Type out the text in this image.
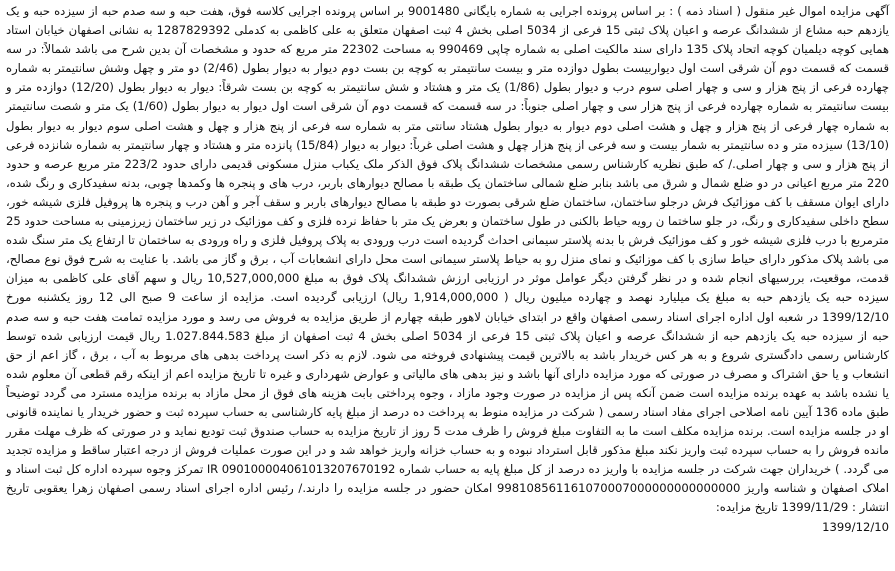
آگهی مزایده اموال غیر منقول ( اسناد ذمه ) : بر اساس پرونده اجرایی به شماره بایگانی 9001480 بر اساس پرونده اجرایی کلاسه فوق، هفت حبه و سه صدم حبه از سیزده حبه و یک یازدهم حبه مشاع از ششدانگ عرصه و اعیان پلاک ثبتی 15 فرعی از 5034 اصلی بخش 4 ثبت اصفهان متعلق به علی کاظمی به کدملی 1287829392 به نشانی اصفهان خیابان استاد همایی کوچه دیلمیان کوچه اتحاد پلاک 135 دارای سند مالکیت اصلی به شماره چاپی 990469 به مساحت 22302 متر مربع که حدود و مشخصات آن بدین شرح می باشد شمالاً: در سه قسمت که قسمت دوم آن شرقی است اول دیواربیست بطول دوازده متر و بیست سانتیمتر به کوچه بن بست دوم دیوار به دیوار بطول (2/46) دو متر و چهل وشش سانتیمتر به شماره چهارده فرعی از پنج هزار و سی و چهار اصلی سوم درب و دیوار بطول (1/86) یک متر و هشتاد و شش سانتیمتر به کوچه بن بست شرقاً: دیوار به دیوار بطول (12/20) دوازده متر و بیست سانتیمتر به شماره چهارده فرعی از پنج هزار سی و چهار اصلی جنوباً: در سه قسمت که قسمت دوم آن شرقی است اول دیوار به دیوار بطول (1/60) یک متر و شصت سانتیمتر به شماره چهار فرعی از پنج هزار و چهل و هشت اصلی دوم دیوار به دیوار بطول هشتاد سانتی متر به شماره سه فرعی از پنج هزار و چهل و هشت اصلی سوم دیوار به دیوار بطول (13/10) سیزده متر و ده سانتیمتر به شمار بیست و سه فرعی از پنج هزار چهل و هشت اصلی غرباً: دیوار به دیوار (15/84) پانزده متر و هشتاد و چهار سانتیمتر به شماره شانزده فرعی از پنج هزار و سی و چهار اصلی./ که طبق نظریه کارشناس رسمی مشخصات ششدانگ پلاک فوق الذکر ملک یکباب منزل مسکونی قدیمی دارای حدود 223/2 متر مربع عرصه و حدود 220 متر مربع اعیانی در دو ضلع شمال و شرق می باشد بنابر ضلع شمالی ساختمان یک طبقه با مصالح دیوارهای باربر، درب های و پنجره ها وکمدها چوبی، بدنه سفیدکاری و رنگ شده، دارای ایوان مسقف با کف موزائیک فرش درجلو ساختمان، ساختمان ضلع شرقی بصورت دو طبقه با مصالح دیوارهای باربر و سقف آجر و آهن درب و پنجره ها پروفیل فلزی شیشه خور، سطح داخلی سفیدکاری و رنگ، در جلو ساختما ن رویه حیاط بالکنی در طول ساختمان و بعرض یک متر با حفاظ نرده فلزی و کف موزائیک در زیر ساختمان زیرزمینی به مساحت حدود 25 مترمربع با درب فلزی شیشه خور و کف موزائیک فرش با بدنه پلاستر سیمانی احداث گردیده است درب ورودی به پلاک پروفیل فلزی و راه ورودی به ساختمان تا ارتفاع یک متر سنگ شده می باشد پلاک مذکور دارای حیاط سازی با کف موزائیک و نمای منزل رو به حیاط پلاستر سیمانی است محل دارای انشعابات آب ، برق و گاز می باشد. با عنایت به شرح فوق نوع مصالح، قدمت، موقعیت، بررسیهای انجام شده و در نظر گرفتن دیگر عوامل موثر در ارزیابی ارزش ششدانگ پلاک فوق به مبلغ 10,527,000,000 ریال و سهم آقای علی کاظمی به میزان سیزده حبه یک یازدهم حبه به مبلغ یک میلیارد نهصد و چهارده میلیون ریال ( 1,914,000,000 ریال) ارزیابی گردیده است. مزایده از ساعت 9 صبح الی 12 روز یکشنبه مورخ 1399/12/10 در شعبه اول اداره اجرای اسناد رسمی اصفهان واقع در ابتدای خیابان لاهور طبقه چهارم از طریق مزایده به فروش می رسد و مورد مزایده تمامت هفت حبه و سه صدم حبه از سیزده حبه یک یازدهم حبه از ششدانگ عرصه و اعیان پلاک ثبتی 15 فرعی از 5034 اصلی بخش 4 ثبت اصفهان از مبلغ 1.027.844.583 ریال قیمت ارزیابی شده توسط کارشناس رسمی دادگستری شروع و به هر کس خریدار باشد به بالاترین قیمت پیشنهادی فروخته می شود. لازم به ذکر است پرداخت بدهی های مربوط به آب ، برق ، گاز اعم از حق انشعاب و یا حق اشتراک و مصرف در صورتی که مورد مزایده دارای آنها باشد و نیز بدهی های مالیاتی و عوارض شهرداری و غیره تا تاریخ مزایده اعم از اینکه رقم قطعی آن معلوم شده یا نشده باشد به عهده برنده مزایده است ضمن آنکه پس از مزایده در صورت وجود مازاد ، وجوه پرداختی بابت هزینه های فوق از محل مازاد به برنده مزایده مسترد می گردد توضیحاً طبق ماده 136 آیین نامه اصلاحی اجرای مفاد اسناد رسمی ( شرکت در مزایده منوط به پرداخت ده درصد از مبلغ پایه کارشناسی به حساب سپرده ثبت و حضور خریدار یا نماینده قانونی او در جلسه مزایده است. برنده مزایده مکلف است ما به التفاوت مبلغ فروش را ظرف مدت 5 روز از تاریخ مزایده به حساب صندوق ثبت تودیع نماید و در صورتی که ظرف مهلت مقرر مانده فروش را به حساب سپرده ثبت واریز نکند مبلغ مذکور قابل استرداد نبوده و به حساب خزانه واریز خواهد شد و در این صورت عملیات فروش از درجه اعتبار ساقط و مزایده تجدید می گردد. ) خریداران جهت شرکت در جلسه مزایده با واریز ده درصد از کل مبلغ پایه به حساب شماره IR 090100004061013207670192 تمرکز وجوه سپرده اداره کل ثبت اسناد و املاک اصفهان و شناسه واریز 998108561161070007000000000000000 امکان حضور در جلسه مزایده را دارند./ رئیس اداره اجرای اسناد رسمی اصفهان زهرا یعقوبی تاریخ انتشار : 1399/11/29 تاریخ مزایده:

1399/12/10
